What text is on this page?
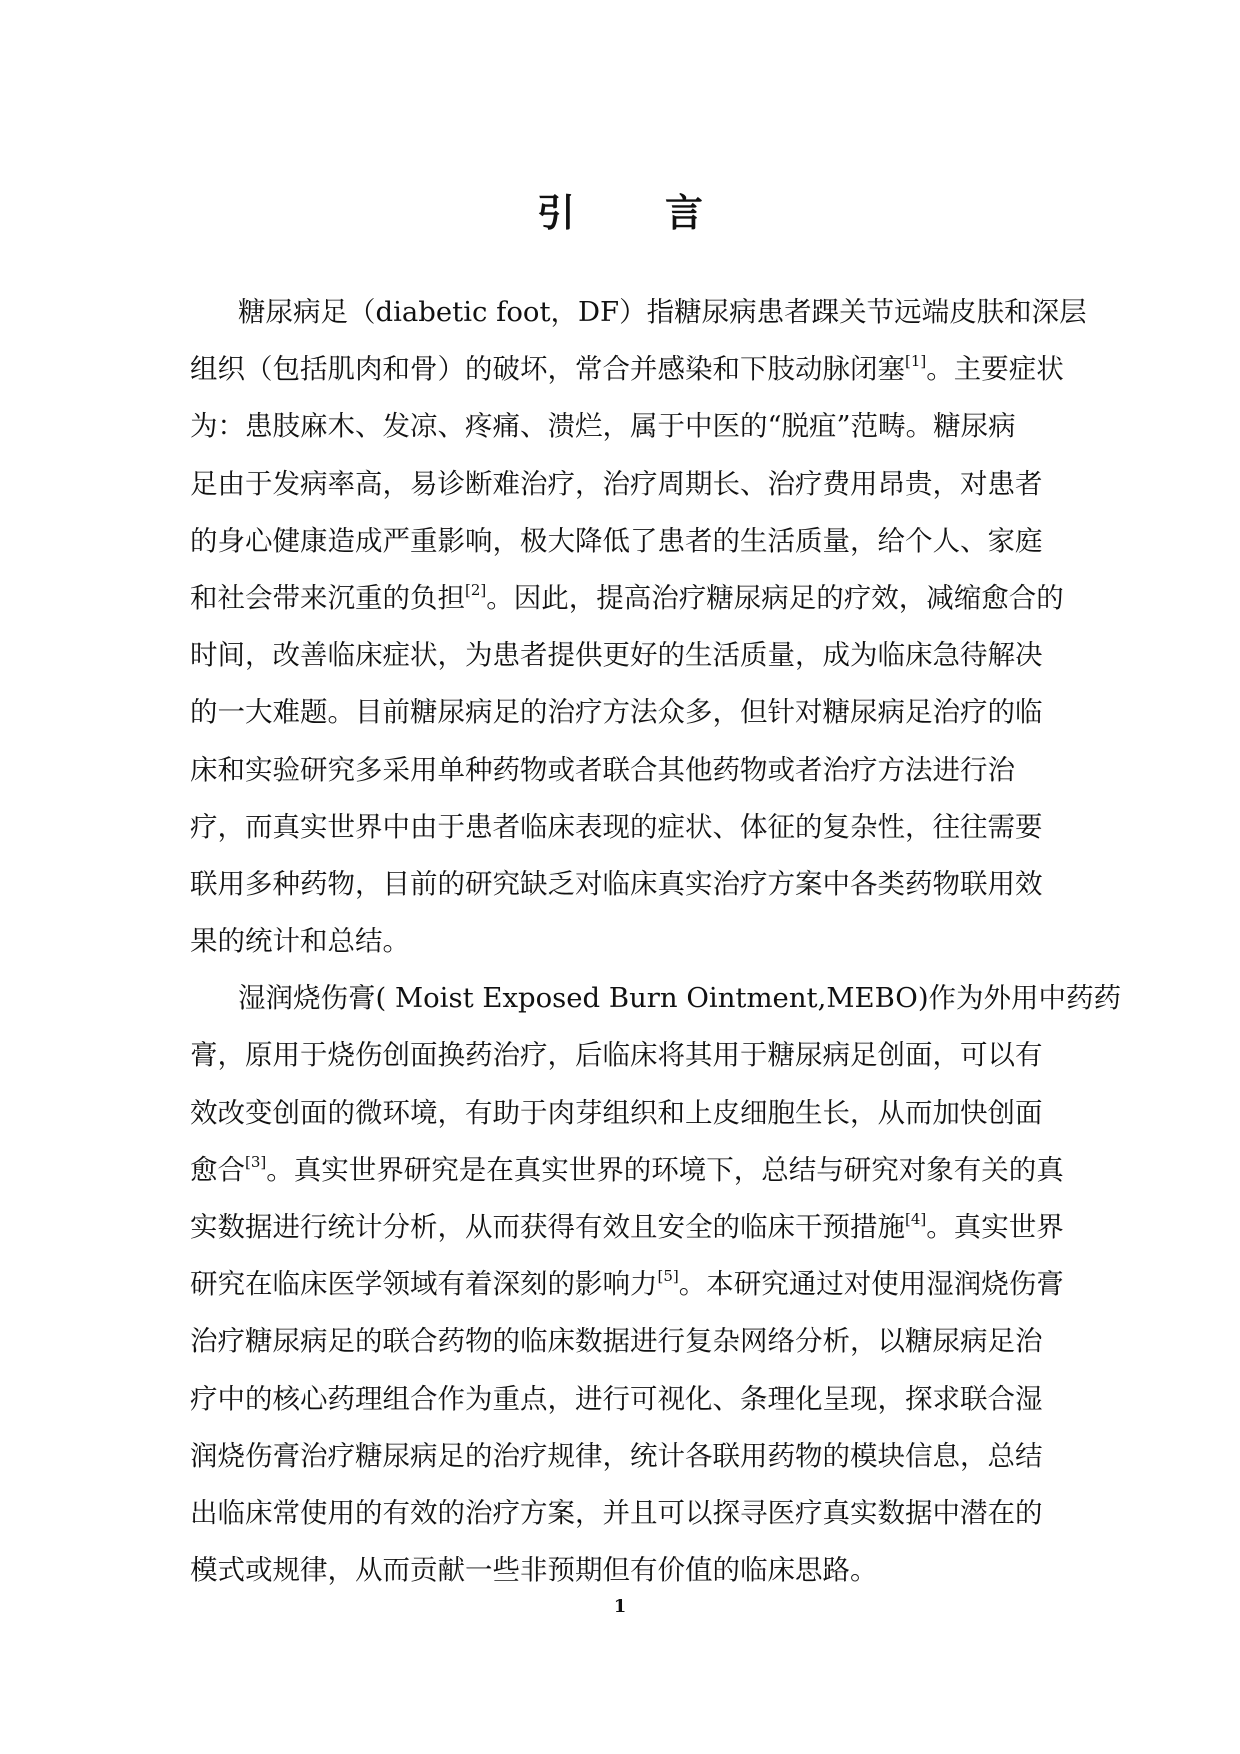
引　言
糖尿病足（diabetic foot，DF）指糖尿病患者踝关节远端皮肤和深层
组织（包括肌肉和骨）的破坏，常合并感染和下肢动脉闭塞[1]。主要症状
为：患肢麻木、发凉、疼痛、溃烂，属于中医的“脱疽”范畴。糖尿病
足由于发病率高，易诊断难治疗，治疗周期长、治疗费用昂贵，对患者
的身心健康造成严重影响，极大降低了患者的生活质量，给个人、家庭
和社会带来沉重的负担[2]。因此，提高治疗糖尿病足的疗效，减缩愈合的
时间，改善临床症状，为患者提供更好的生活质量，成为临床急待解决
的一大难题。目前糖尿病足的治疗方法众多，但针对糖尿病足治疗的临
床和实验研究多采用单种药物或者联合其他药物或者治疗方法进行治
疗，而真实世界中由于患者临床表现的症状、体征的复杂性，往往需要
联用多种药物，目前的研究缺乏对临床真实治疗方案中各类药物联用效
果的统计和总结。
湿润烧伤膏( Moist Exposed Burn Ointment,MEBO)作为外用中药药
膏，原用于烧伤创面换药治疗，后临床将其用于糖尿病足创面，可以有
效改变创面的微环境，有助于肉芽组织和上皮细胞生长，从而加快创面
愈合[3]。真实世界研究是在真实世界的环境下，总结与研究对象有关的真
实数据进行统计分析，从而获得有效且安全的临床干预措施[4]。真实世界
研究在临床医学领域有着深刻的影响力[5]。本研究通过对使用湿润烧伤膏
治疗糖尿病足的联合药物的临床数据进行复杂网络分析，以糖尿病足治
疗中的核心药理组合作为重点，进行可视化、条理化呈现，探求联合湿
润烧伤膏治疗糖尿病足的治疗规律，统计各联用药物的模块信息，总结
出临床常使用的有效的治疗方案，并且可以探寻医疗真实数据中潜在的
模式或规律，从而贡献一些非预期但有价值的临床思路。
1
